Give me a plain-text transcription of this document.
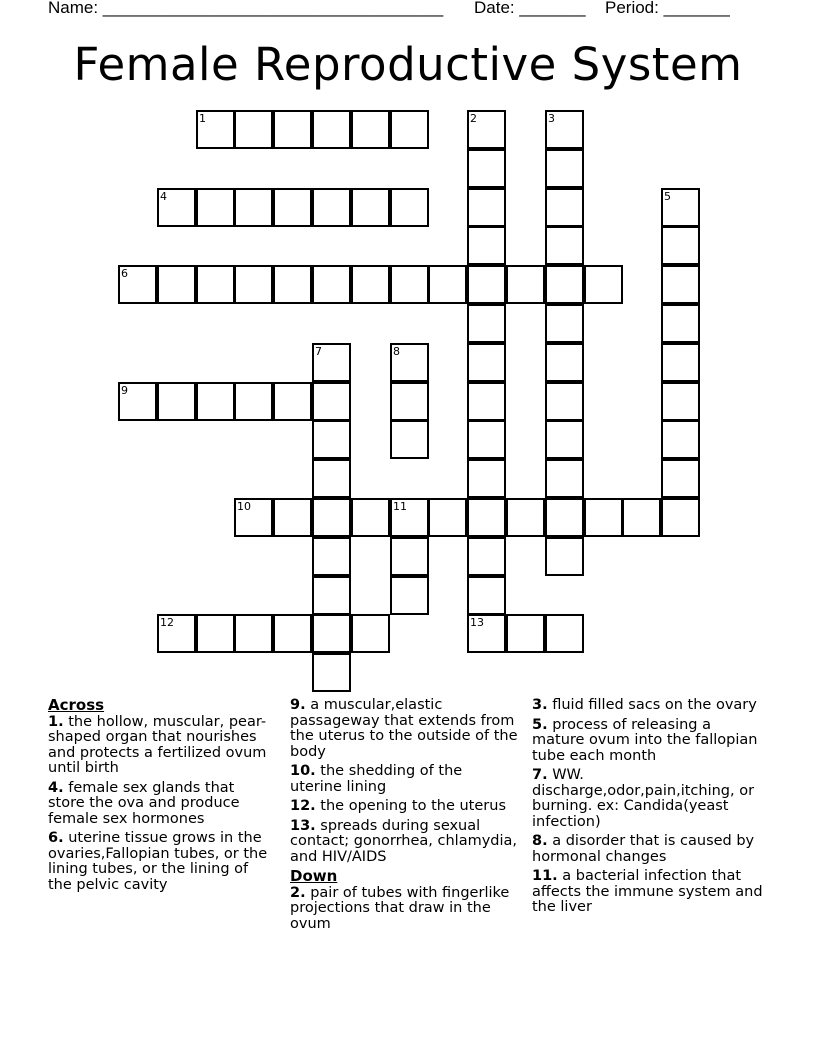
Name: ____________________________________ Date: _______ Period: _______
Female Reproductive System
1	2	3
4	5
6
7	8
9
10	11
12	13
Across
1. the hollow, muscular, pear-shaped organ that nourishes and protects a fertilized ovum until birth
4. female sex glands that store the ova and produce female sex hormones
6. uterine tissue grows in the ovaries,Fallopian tubes, or the lining tubes, or the lining of the pelvic cavity
9. a muscular,elastic passageway that extends from the uterus to the outside of the body
10. the shedding of the uterine lining
12. the opening to the uterus
13. spreads during sexual contact; gonorrhea, chlamydia, and HIV/AIDS
Down
2. pair of tubes with fingerlike projections that draw in the ovum
3. fluid filled sacs on the ovary
5. process of releasing a mature ovum into the fallopian tube each month
7. WW. discharge,odor,pain,itching, or burning. ex: Candida(yeast infection)
8. a disorder that is caused by hormonal changes
11. a bacterial infection that affects the immune system and the liver
